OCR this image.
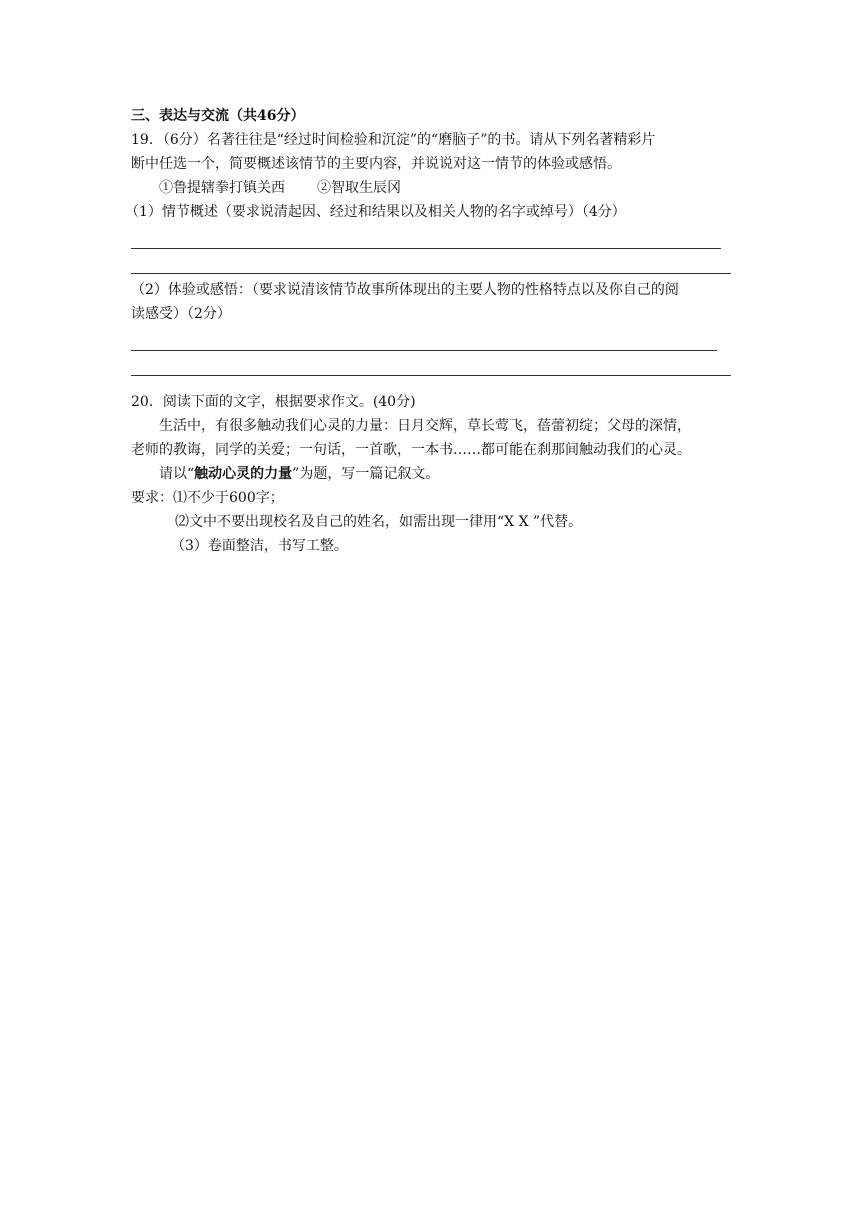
三、表达与交流（共46分）
19．（6分）名著往往是“经过时间检验和沉淀”的“磨脑子”的书。请从下列名著精彩片
断中任选一个，简要概述该情节的主要内容，并说说对这一情节的体验或感悟。
①鲁提辖拳打镇关西 ②智取生辰冈
（1）情节概述（要求说清起因、经过和结果以及相关人物的名字或绰号）（4分）
（2）体验或感悟：（要求说清该情节故事所体现出的主要人物的性格特点以及你自己的阅
读感受）（2分）
20．阅读下面的文字，根据要求作文。(40分)
生活中，有很多触动我们心灵的力量：日月交辉，草长莺飞，蓓蕾初绽；父母的深情，
老师的教诲，同学的关爱；一句话，一首歌，一本书……都可能在刹那间触动我们的心灵。
请以“触动心灵的力量”为题，写一篇记叙文。
要求：⑴不少于600字；
⑵文中不要出现校名及自己的姓名，如需出现一律用“X X ”代替。
（3）卷面整洁，书写工整。
